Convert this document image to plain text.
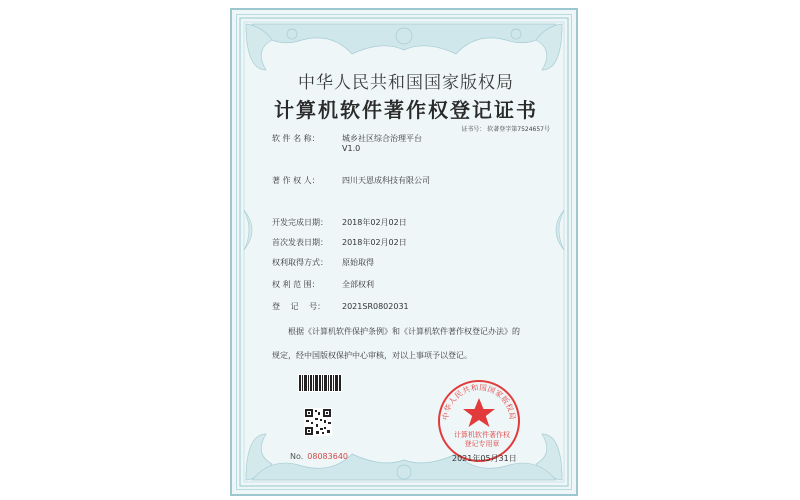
中华人民共和国国家版权局
计算机软件著作权登记证书
证书号： 软著登字第7524657号
软 件 名 称：	城乡社区综合治理平台
V1.0
著 作 权 人：	四川天恩成科技有限公司
开发完成日期： 2018年02月02日
首次发表日期： 2018年02月02日
权利取得方式： 原始取得
权 利 范 围：	全部权利
登　 记　 号： 2021SR0802031
根据《计算机软件保护条例》和《计算机软件著作权登记办法》的
规定，经中国版权保护中心审核，对以上事项予以登记。
No. 08083640
中华人民共和国国家版权局
计算机软件著作权
登记专用章
2021年05月31日
